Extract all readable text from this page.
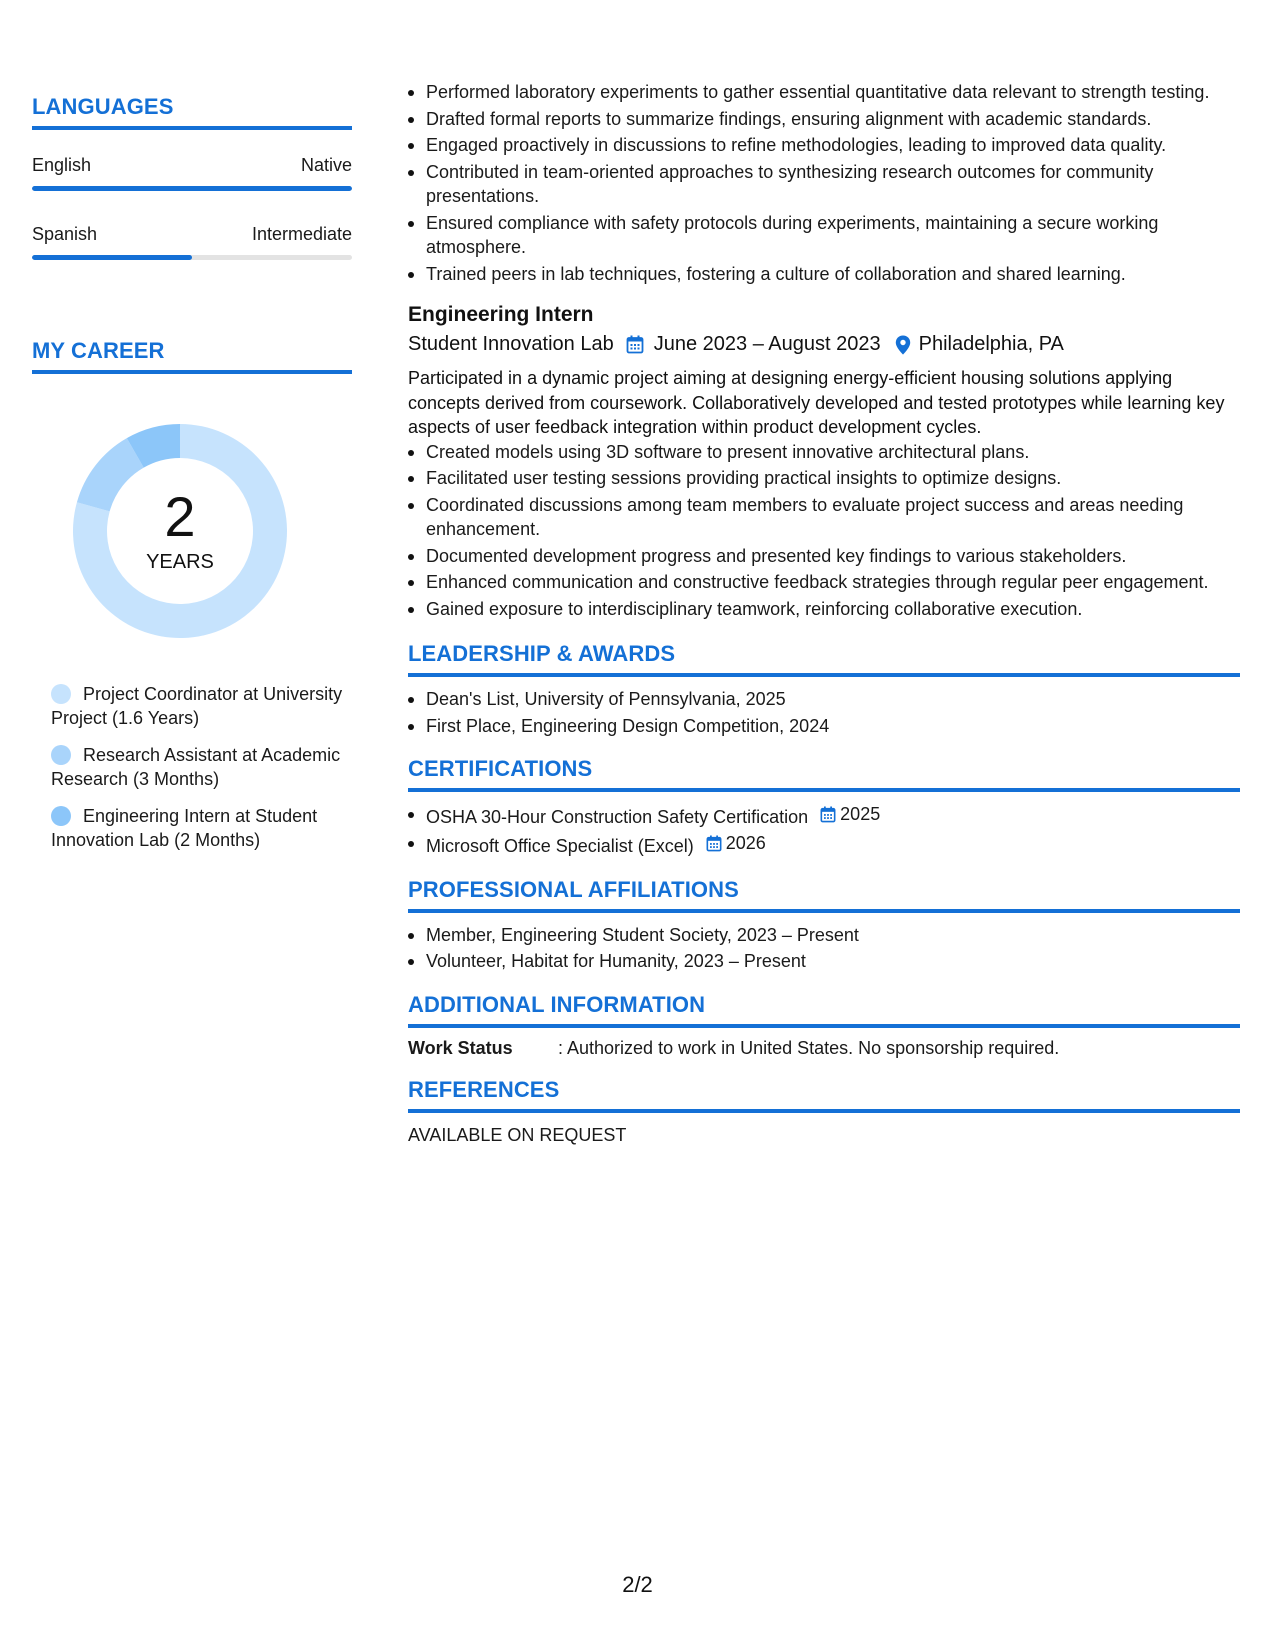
LANGUAGES
English	Native
Spanish	Intermediate
MY CAREER
2
YEARS
Project Coordinator at University Project (1.6 Years)
Research Assistant at Academic Research (3 Months)
Engineering Intern at Student Innovation Lab (2 Months)
Performed laboratory experiments to gather essential quantitative data relevant to strength testing.
Drafted formal reports to summarize findings, ensuring alignment with academic standards.
Engaged proactively in discussions to refine methodologies, leading to improved data quality.
Contributed in team-oriented approaches to synthesizing research outcomes for community presentations.
Ensured compliance with safety protocols during experiments, maintaining a secure working atmosphere.
Trained peers in lab techniques, fostering a culture of collaboration and shared learning.
Engineering Intern
Student Innovation Lab June 2023 – August 2023 Philadelphia, PA
Participated in a dynamic project aiming at designing energy-efficient housing solutions applying concepts derived from coursework. Collaboratively developed and tested prototypes while learning key aspects of user feedback integration within product development cycles.
Created models using 3D software to present innovative architectural plans.
Facilitated user testing sessions providing practical insights to optimize designs.
Coordinated discussions among team members to evaluate project success and areas needing enhancement.
Documented development progress and presented key findings to various stakeholders.
Enhanced communication and constructive feedback strategies through regular peer engagement.
Gained exposure to interdisciplinary teamwork, reinforcing collaborative execution.
LEADERSHIP & AWARDS
Dean's List, University of Pennsylvania, 2025
First Place, Engineering Design Competition, 2024
CERTIFICATIONS
OSHA 30-Hour Construction Safety Certification 2025
Microsoft Office Specialist (Excel) 2026
PROFESSIONAL AFFILIATIONS
Member, Engineering Student Society, 2023 – Present
Volunteer, Habitat for Humanity, 2023 – Present
ADDITIONAL INFORMATION
Work Status	: Authorized to work in United States. No sponsorship required.
REFERENCES
AVAILABLE ON REQUEST
2/2
